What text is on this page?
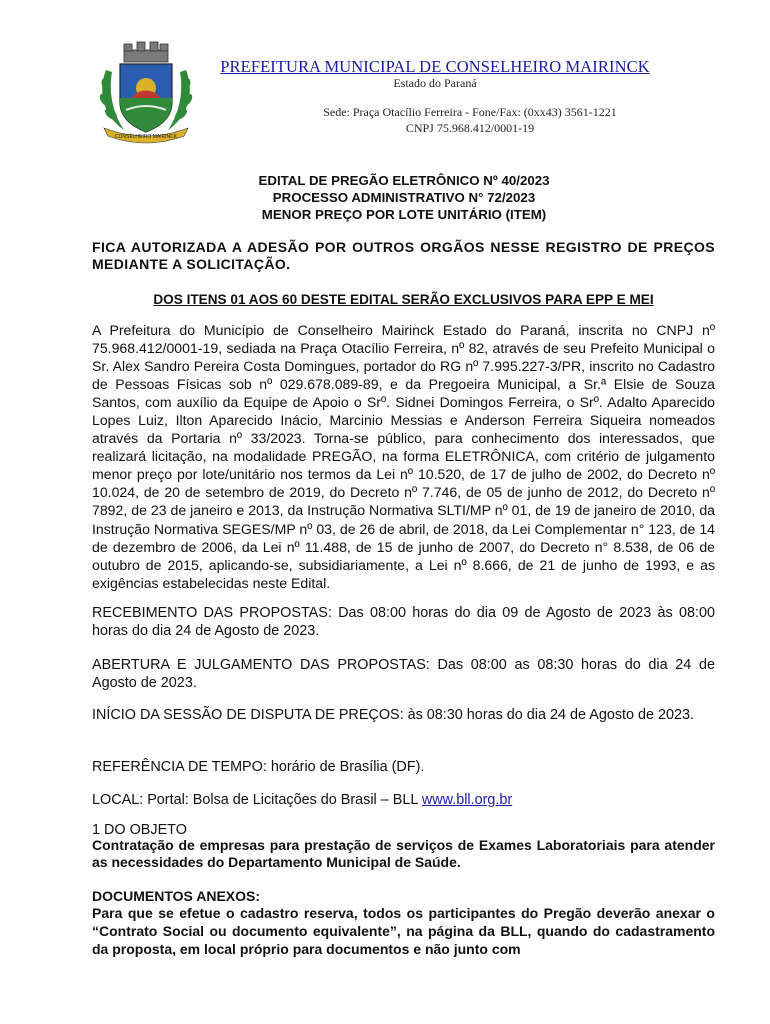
CONSELHEIRO MAIRINCK
PREFEITURA MUNICIPAL DE CONSELHEIRO MAIRINCK
Estado do Paraná
Sede: Praça Otacílio Ferreira - Fone/Fax: (0xx43) 3561-1221
CNPJ 75.968.412/0001-19
EDITAL DE PREGÃO ELETRÔNICO Nº 40/2023
PROCESSO ADMINISTRATIVO N° 72/2023
MENOR PREÇO POR LOTE UNITÁRIO (ITEM)
FICA AUTORIZADA A ADESÃO POR OUTROS ORGÃOS NESSE REGISTRO DE PREÇOS MEDIANTE A SOLICITAÇÃO.
DOS ITENS 01 AOS 60 DESTE EDITAL SERÃO EXCLUSIVOS PARA EPP E MEI
A Prefeitura do Município de Conselheiro Mairinck Estado do Paraná, inscrita no CNPJ nº 75.968.412/0001-19, sediada na Praça Otacílio Ferreira, nº 82, através de seu Prefeito Municipal o Sr. Alex Sandro Pereira Costa Domingues, portador do RG nº 7.995.227-3/PR, inscrito no Cadastro de Pessoas Físicas sob nº 029.678.089-89, e da Pregoeira Municipal, a Sr.ª Elsie de Souza Santos, com auxílio da Equipe de Apoio o Srº. Sidnei Domingos Ferreira, o Srº. Adalto Aparecido Lopes Luiz, Ilton Aparecido Inácio, Marcinio Messias e Anderson Ferreira Siqueira nomeados através da Portaria nº 33/2023. Torna-se público, para conhecimento dos interessados, que realizará licitação, na modalidade PREGÃO, na forma ELETRÔNICA, com critério de julgamento menor preço por lote/unitário nos termos da Lei nº 10.520, de 17 de julho de 2002, do Decreto nº 10.024, de 20 de setembro de 2019, do Decreto nº 7.746, de 05 de junho de 2012, do Decreto nº 7892, de 23 de janeiro e 2013, da Instrução Normativa SLTI/MP nº 01, de 19 de janeiro de 2010, da Instrução Normativa SEGES/MP nº 03, de 26 de abril, de 2018, da Lei Complementar n° 123, de 14 de dezembro de 2006, da Lei nº 11.488, de 15 de junho de 2007, do Decreto n° 8.538, de 06 de outubro de 2015, aplicando-se, subsidiariamente, a Lei nº 8.666, de 21 de junho de 1993, e as exigências estabelecidas neste Edital.
RECEBIMENTO DAS PROPOSTAS: Das 08:00 horas do dia 09 de Agosto de 2023 às 08:00 horas do dia 24 de Agosto de 2023.
ABERTURA E JULGAMENTO DAS PROPOSTAS: Das 08:00 as 08:30 horas do dia 24 de Agosto de 2023.
INÍCIO DA SESSÃO DE DISPUTA DE PREÇOS: às 08:30 horas do dia 24 de Agosto de 2023.
REFERÊNCIA DE TEMPO: horário de Brasília (DF).
LOCAL: Portal: Bolsa de Licitações do Brasil – BLL www.bll.org.br
1 DO OBJETO
Contratação de empresas para prestação de serviços de Exames Laboratoriais para atender as necessidades do Departamento Municipal de Saúde.
DOCUMENTOS ANEXOS:
Para que se efetue o cadastro reserva, todos os participantes do Pregão deverão anexar o “Contrato Social ou documento equivalente”, na página da BLL, quando do cadastramento da proposta, em local próprio para documentos e não junto com
